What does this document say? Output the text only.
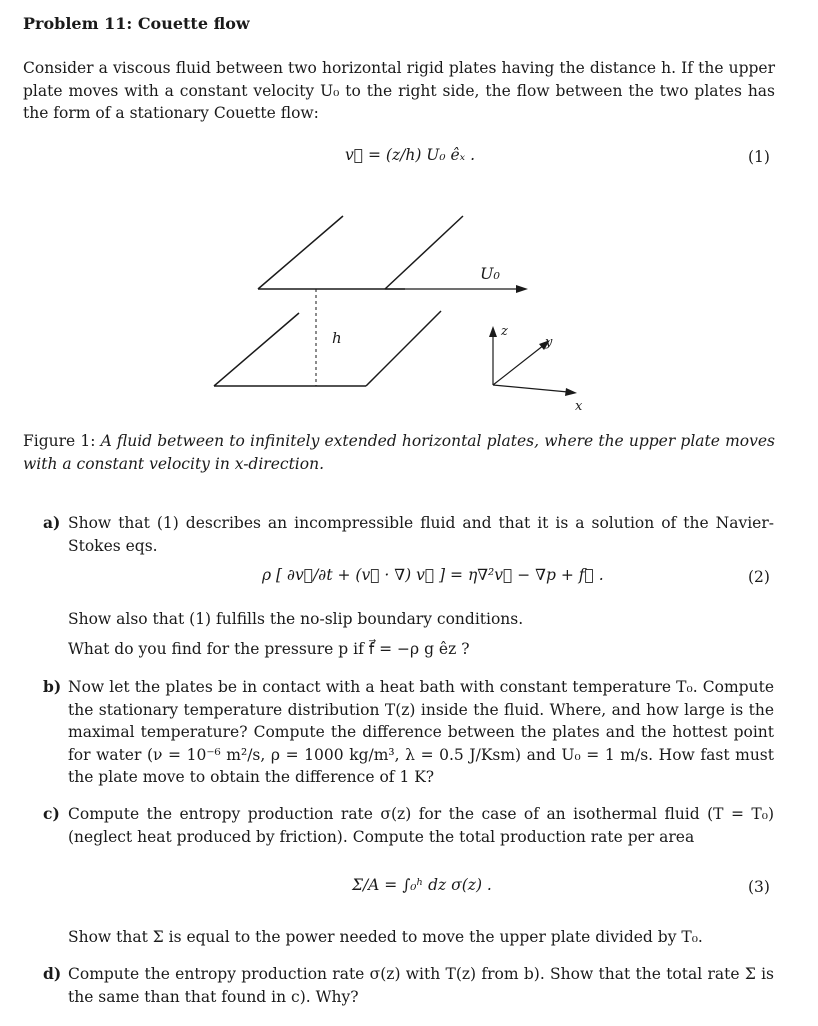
Problem 11: Couette flow
Consider a viscous fluid between two horizontal rigid plates having the distance h. If the upper plate moves with a constant velocity U₀ to the right side, the flow between the two plates has the form of a stationary Couette flow:
v⃗ = (z/h) U₀ êₓ .	(1)
U₀
h	z
y
x
Figure 1: A fluid between to infinitely extended horizontal plates, where the upper plate moves with a constant velocity in x-direction.
a) Show that (1) describes an incompressible fluid and that it is a solution of the Navier-Stokes eqs.
ρ [ ∂v⃗/∂t + (v⃗ · ∇) v⃗ ] = η∇²v⃗ − ∇p + f⃗ .	(2)
Show also that (1) fulfills the no-slip boundary conditions.
What do you find for the pressure p if f⃗ = −ρ g êz ?
b) Now let the plates be in contact with a heat bath with constant temperature T₀. Compute the stationary temperature distribution T(z) inside the fluid. Where, and how large is the maximal temperature? Compute the difference between the plates and the hottest point for water (ν = 10⁻⁶ m²/s, ρ = 1000 kg/m³, λ = 0.5 J/Ksm) and U₀ = 1 m/s. How fast must the plate move to obtain the difference of 1 K?
c) Compute the entropy production rate σ(z) for the case of an isothermal fluid (T = T₀) (neglect heat produced by friction). Compute the total production rate per area
Σ/A = ∫₀ʰ dz σ(z) .	(3)
Show that Σ is equal to the power needed to move the upper plate divided by T₀.
d) Compute the entropy production rate σ(z) with T(z) from b). Show that the total rate Σ is the same than that found in c). Why?
